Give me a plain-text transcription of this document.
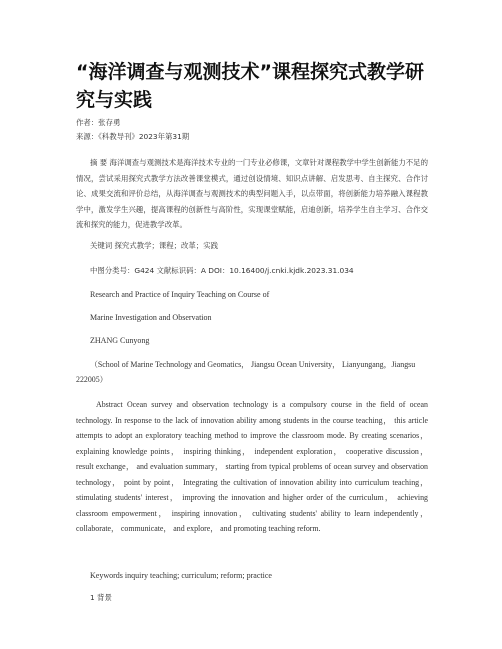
“海洋调查与观测技术”课程探究式教学研究与实践
作者：张存勇
来源：《科教导刊》2023年第31期

摘 要 海洋调查与观测技术是海洋技术专业的一门专业必修课，文章针对课程教学中学生创新能力不足的情况，尝试采用探究式教学方法改善课堂模式，通过创设情境、知识点讲解、启发思考、自主探究、合作讨论、成果交流和评价总结，从海洋调查与观测技术的典型问题入手，以点带面，将创新能力培养融入课程教学中，激发学生兴趣，提高课程的创新性与高阶性，实现课堂赋能，启迪创新，培养学生自主学习、合作交流和探究的能力，促进教学改革。

关键词 探究式教学；课程；改革；实践
中图分类号：G424 文献标识码：A DOI：10.16400/j.cnki.kjdk.2023.31.034
Research and Practice of Inquiry Teaching on Course of
Marine Investigation and Observation
ZHANG Cunyong

（School of Marine Technology and Geomatics， Jiangsu Ocean University， Lianyungang，Jiangsu 222005）

Abstract Ocean survey and observation technology is a compulsory course in the field of ocean technology. In response to the lack of innovation ability among students in the course teaching， this article attempts to adopt an exploratory teaching method to improve the classroom mode. By creating scenarios， explaining knowledge points， inspiring thinking， independent exploration， cooperative discussion， result exchange， and evaluation summary， starting from typical problems of ocean survey and observation technology， point by point， Integrating the cultivation of innovation ability into curriculum teaching， stimulating students' interest， improving the innovation and higher order of the curriculum， achieving classroom empowerment， inspiring innovation， cultivating students' ability to learn independently， collaborate， communicate， and explore， and promoting teaching reform.

Keywords inquiry teaching; curriculum; reform; practice
1 背景
